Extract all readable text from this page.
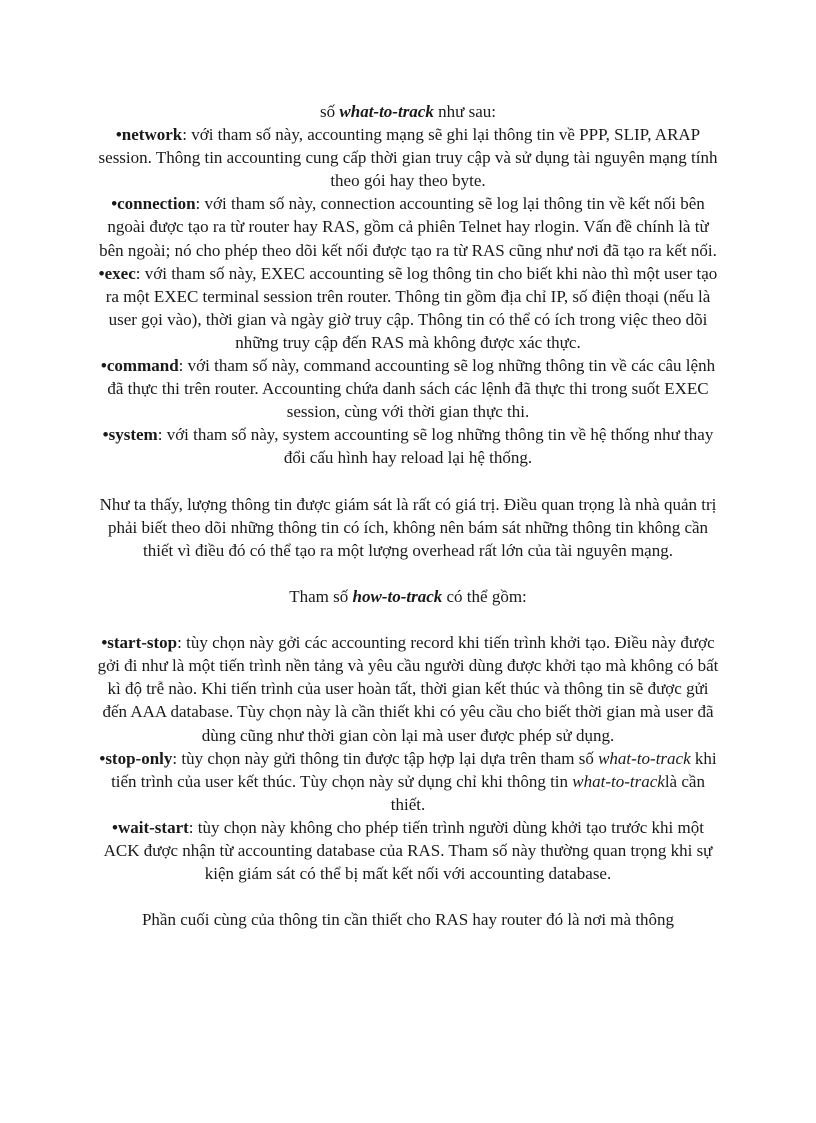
số what-to-track như sau:

•network: với tham số này, accounting mạng sẽ ghi lại thông tin về PPP, SLIP, ARAP session. Thông tin accounting cung cấp thời gian truy cập và sử dụng tài nguyên mạng tính theo gói hay theo byte.

•connection: với tham số này, connection accounting sẽ log lại thông tin về kết nối bên ngoài được tạo ra từ router hay RAS, gồm cả phiên Telnet hay rlogin. Vấn đề chính là từ bên ngoài; nó cho phép theo dõi kết nối được tạo ra từ RAS cũng như nơi đã tạo ra kết nối.

•exec: với tham số này, EXEC accounting sẽ log thông tin cho biết khi nào thì một user tạo ra một EXEC terminal session trên router. Thông tin gồm địa chỉ IP, số điện thoại (nếu là user gọi vào), thời gian và ngày giờ truy cập. Thông tin có thể có ích trong việc theo dõi những truy cập đến RAS mà không được xác thực.

•command: với tham số này, command accounting sẽ log những thông tin về các câu lệnh đã thực thi trên router. Accounting chứa danh sách các lệnh đã thực thi trong suốt EXEC session, cùng với thời gian thực thi.

•system: với tham số này, system accounting sẽ log những thông tin về hệ thống như thay đổi cấu hình hay reload lại hệ thống.

Như ta thấy, lượng thông tin được giám sát là rất có giá trị. Điều quan trọng là nhà quản trị phải biết theo dõi những thông tin có ích, không nên bám sát những thông tin không cần thiết vì điều đó có thể tạo ra một lượng overhead rất lớn của tài nguyên mạng.

Tham số how-to-track có thể gồm:

•start-stop: tùy chọn này gởi các accounting record khi tiến trình khởi tạo. Điều này được gởi đi như là một tiến trình nền tảng và yêu cầu người dùng được khởi tạo mà không có bất kì độ trễ nào. Khi tiến trình của user hoàn tất, thời gian kết thúc và thông tin sẽ được gửi đến AAA database. Tùy chọn này là cần thiết khi có yêu cầu cho biết thời gian mà user đã dùng cũng như thời gian còn lại mà user được phép sử dụng.

•stop-only: tùy chọn này gửi thông tin được tập hợp lại dựa trên tham số what-to-track khi tiến trình của user kết thúc. Tùy chọn này sử dụng chỉ khi thông tin what-to-tracklà cần thiết.

•wait-start: tùy chọn này không cho phép tiến trình người dùng khởi tạo trước khi một ACK được nhận từ accounting database của RAS. Tham số này thường quan trọng khi sự kiện giám sát có thể bị mất kết nối với accounting database.

Phần cuối cùng của thông tin cần thiết cho RAS hay router đó là nơi mà thông
